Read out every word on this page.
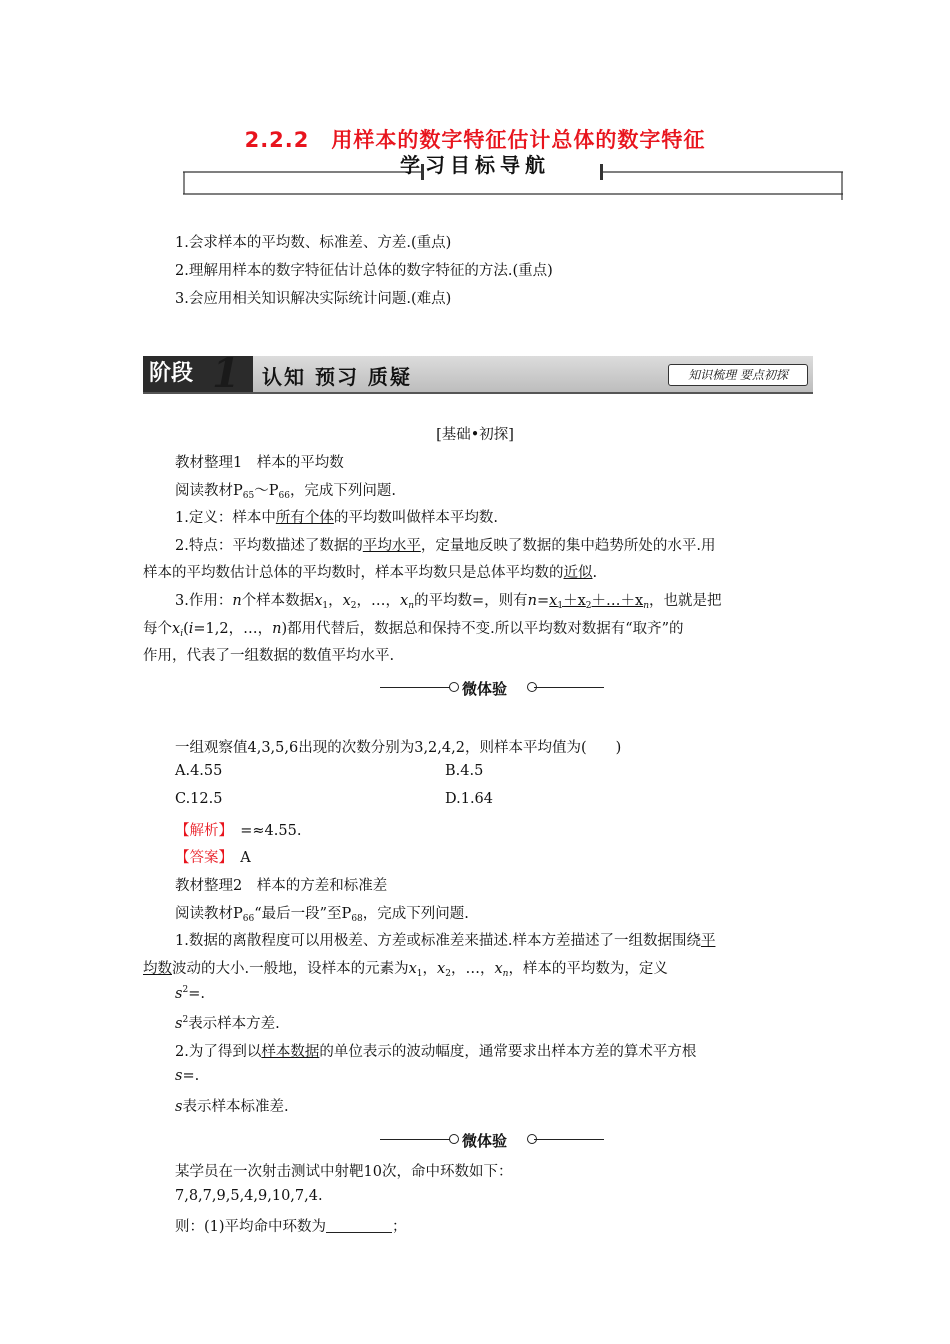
2.2.2　用样本的数字特征估计总体的数字特征
学习目标导航
1.会求样本的平均数、标准差、方差.(重点)
2.理解用样本的数字特征估计总体的数字特征的方法.(重点)
3.会应用相关知识解决实际统计问题.(难点)
阶段 1 认知 预习 质疑	知识梳理 要点初探
[基础•初探]
教材整理1　样本的平均数
阅读教材$P_{65}\sim P_{66}$，完成下列问题.
1.定义：样本中所有个体的平均数叫做样本平均数.
2.特点：平均数描述了数据的平均水平，定量地反映了数据的集中趋势所处的水平.用
样本的平均数估计总体的平均数时，样本平均数只是总体平均数的近似.
3.作用：n个样本数据$x_1$，$x_2$，…，$x_n$的平均数=，则有$n=x_1+x_2+\dots+x_n$，也就是把
每个$x_i(i=1,2$，…，n)都用代替后，数据总和保持不变.所以平均数对数据有“取齐”的
作用，代表了一组数据的数值平均水平.
微体验
一组观察值4,3,5,6出现的次数分别为3,2,4,2，则样本平均值为(　　)
A.4.55	B.4.5
C.12.5	D.1.64
【解析】　 =≈4.55.
【答案】　 A
教材整理2　样本的方差和标准差
阅读教材$P_{66}“$最后一段”至$P_{68}$，完成下列问题.
1.数据的离散程度可以用极差、方差或标准差来描述.样本方差描述了一组数据围绕平
均数波动的大小.一般地，设样本的元素为$x_1$，$x_2$，…，$x_n$，样本的平均数为，定义
$s^2=$.
$s^2$表示样本方差.
2.为了得到以样本数据的单位表示的波动幅度，通常要求出样本方差的算术平方根
s=.
s表示样本标准差.
微体验
某学员在一次射击测试中射靶10次，命中环数如下：
7,8,7,9,5,4,9,10,7,4.
则：(1)平均命中环数为	；
